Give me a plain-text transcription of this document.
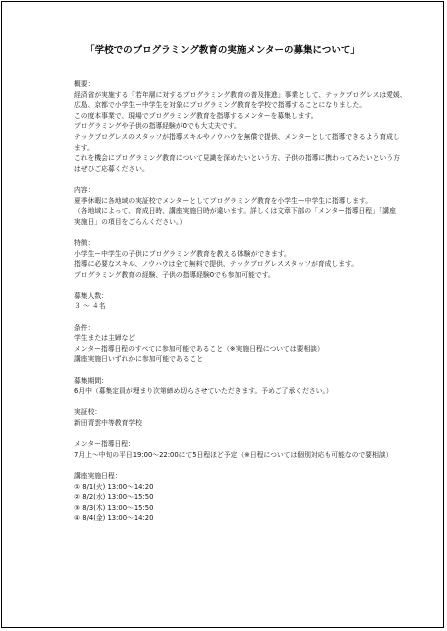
「学校でのプログラミング教育の実施メンターの募集について」
概要：
経済省が実施する「若年層に対するプログラミング教育の普及推進」事業として、テックプログレスは愛媛、
広島、京都で小学生ー中学生を対象にプログラミング教育を学校で指導することになりました。
この度本事業で、現場でプログラミング教育を指導するメンターを募集します。
プログラミングや子供の指導経験が0でも大丈夫です。
テックプログレスのスタッフが指導スキルやノウハウを無償で提供、メンターとして指導できるよう育成し
ます。
これを機会にプログラミング教育について見識を深めたいという方、子供の指導に携わってみたいという方
はぜひご応募ください。
内容：
夏季休暇に各地域の実証校でメンターとしてプログラミング教育を小学生ー中学生に指導します。
（各地域によって、育成日時、講座実施日時が違います。詳しくは文章下部の「メンター指導日程」「講座
実施日」の項目をごらんください。）
特徴：
小学生ー中学生の子供にプログラミング教育を教える体験ができます。
指導に必要なスキル、ノウハウは全て無料で提供、テックプログレススタッフが育成します。
プログラミング教育の経験、子供の指導経験0でも参加可能です。
募集人数：
３ 〜 ４名
条件：
学生または主婦など
メンター指導日程のすべてに参加可能であること（※実施日程については要相談）
講座実施日いずれかに参加可能であること
募集期間：
6月中（募集定員が埋まり次第締め切らさせていただきます。予めご了承ください。）
実証校：
新田青雲中等教育学校
メンター指導日程：
7月上〜中旬の平日19:00〜22:00にて5日程ほど予定（※日程については個別対応も可能なので要相談）
講座実施日程：
① 8/1(火) 13:00〜14:20
② 8/2(水) 13:00〜15:50
③ 8/3(木) 13:00〜15:50
④ 8/4(金) 13:00〜14:20
